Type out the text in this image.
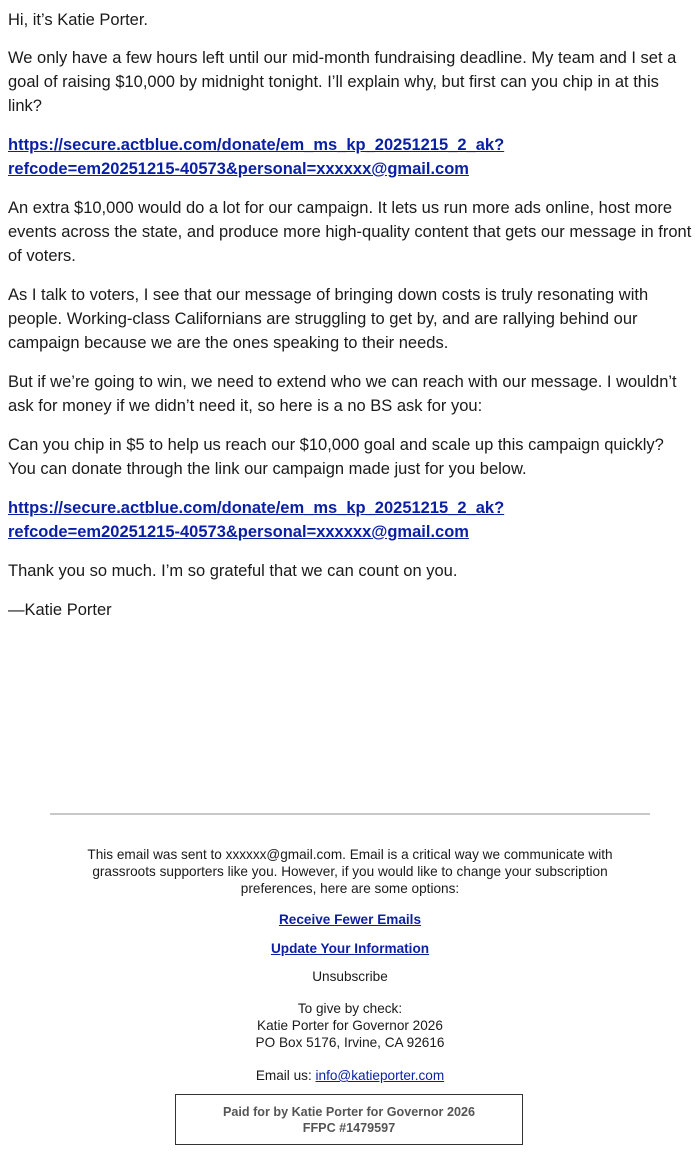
Hi, it’s Katie Porter.

We only have a few hours left until our mid-month fundraising deadline. My team and I set a goal of raising $10,000 by midnight tonight. I’ll explain why, but first can you chip in at this link?

https://secure.actblue.com/donate/em_ms_kp_20251215_2_ak?
refcode=em20251215-40573&personal=xxxxxx@gmail.com

An extra $10,000 would do a lot for our campaign. It lets us run more ads online, host more events across the state, and produce more high-quality content that gets our message in front of voters.

As I talk to voters, I see that our message of bringing down costs is truly resonating with people. Working-class Californians are struggling to get by, and are rallying behind our campaign because we are the ones speaking to their needs.

But if we’re going to win, we need to extend who we can reach with our message. I wouldn’t ask for money if we didn’t need it, so here is a no BS ask for you:

Can you chip in $5 to help us reach our $10,000 goal and scale up this campaign quickly? You can donate through the link our campaign made just for you below.

https://secure.actblue.com/donate/em_ms_kp_20251215_2_ak?
refcode=em20251215-40573&personal=xxxxxx@gmail.com

Thank you so much. I’m so grateful that we can count on you.

—Katie Porter

This email was sent to xxxxxx@gmail.com. Email is a critical way we communicate with grassroots supporters like you. However, if you would like to change your subscription preferences, here are some options:

Receive Fewer Emails

Update Your Information

Unsubscribe

To give by check:

Katie Porter for Governor 2026

PO Box 5176, Irvine, CA 92616

Email us: info@katieporter.com

Paid for by Katie Porter for Governor 2026

FFPC #1479597
